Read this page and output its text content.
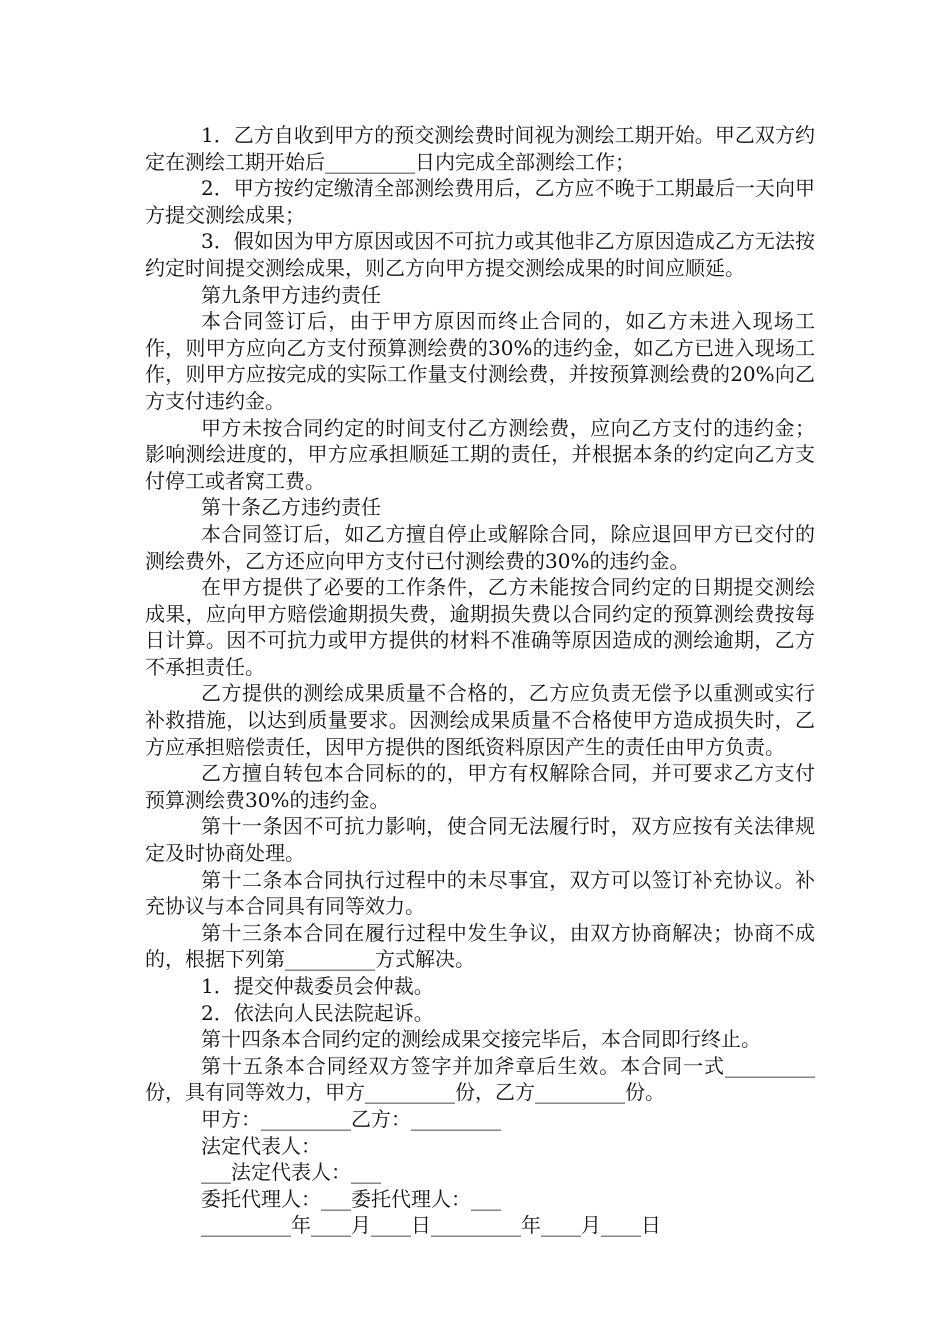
1．乙方自收到甲方的预交测绘费时间视为测绘工期开始。甲乙双方约定在测绘工期开始后_________日内完成全部测绘工作；

2．甲方按约定缴清全部测绘费用后，乙方应不晚于工期最后一天向甲方提交测绘成果；

3．假如因为甲方原因或因不可抗力或其他非乙方原因造成乙方无法按约定时间提交测绘成果，则乙方向甲方提交测绘成果的时间应顺延。

第九条甲方违约责任

本合同签订后，由于甲方原因而终止合同的，如乙方未进入现场工作，则甲方应向乙方支付预算测绘费的30%的违约金，如乙方已进入现场工作，则甲方应按完成的实际工作量支付测绘费，并按预算测绘费的20%向乙方支付违约金。

甲方未按合同约定的时间支付乙方测绘费，应向乙方支付的违约金；影响测绘进度的，甲方应承担顺延工期的责任，并根据本条的约定向乙方支付停工或者窝工费。

第十条乙方违约责任

本合同签订后，如乙方擅自停止或解除合同，除应退回甲方已交付的测绘费外，乙方还应向甲方支付已付测绘费的30%的违约金。

在甲方提供了必要的工作条件，乙方未能按合同约定的日期提交测绘成果，应向甲方赔偿逾期损失费，逾期损失费以合同约定的预算测绘费按每日计算。因不可抗力或甲方提供的材料不准确等原因造成的测绘逾期，乙方不承担责任。

乙方提供的测绘成果质量不合格的，乙方应负责无偿予以重测或实行补救措施，以达到质量要求。因测绘成果质量不合格使甲方造成损失时，乙方应承担赔偿责任，因甲方提供的图纸资料原因产生的责任由甲方负责。

乙方擅自转包本合同标的的，甲方有权解除合同，并可要求乙方支付预算测绘费30%的违约金。

第十一条因不可抗力影响，使合同无法履行时，双方应按有关法律规定及时协商处理。

第十二条本合同执行过程中的未尽事宜，双方可以签订补充协议。补充协议与本合同具有同等效力。

第十三条本合同在履行过程中发生争议，由双方协商解决；协商不成的，根据下列第_________方式解决。

1．提交仲裁委员会仲裁。

2．依法向人民法院起诉。

第十四条本合同约定的测绘成果交接完毕后，本合同即行终止。

第十五条本合同经双方签字并加斧章后生效。本合同一式_________份，具有同等效力，甲方_________份，乙方_________份。

甲方：_________乙方：_________

法定代表人：

___法定代表人：___

委托代理人：___委托代理人：___

_________年____月____日_________年____月____日
